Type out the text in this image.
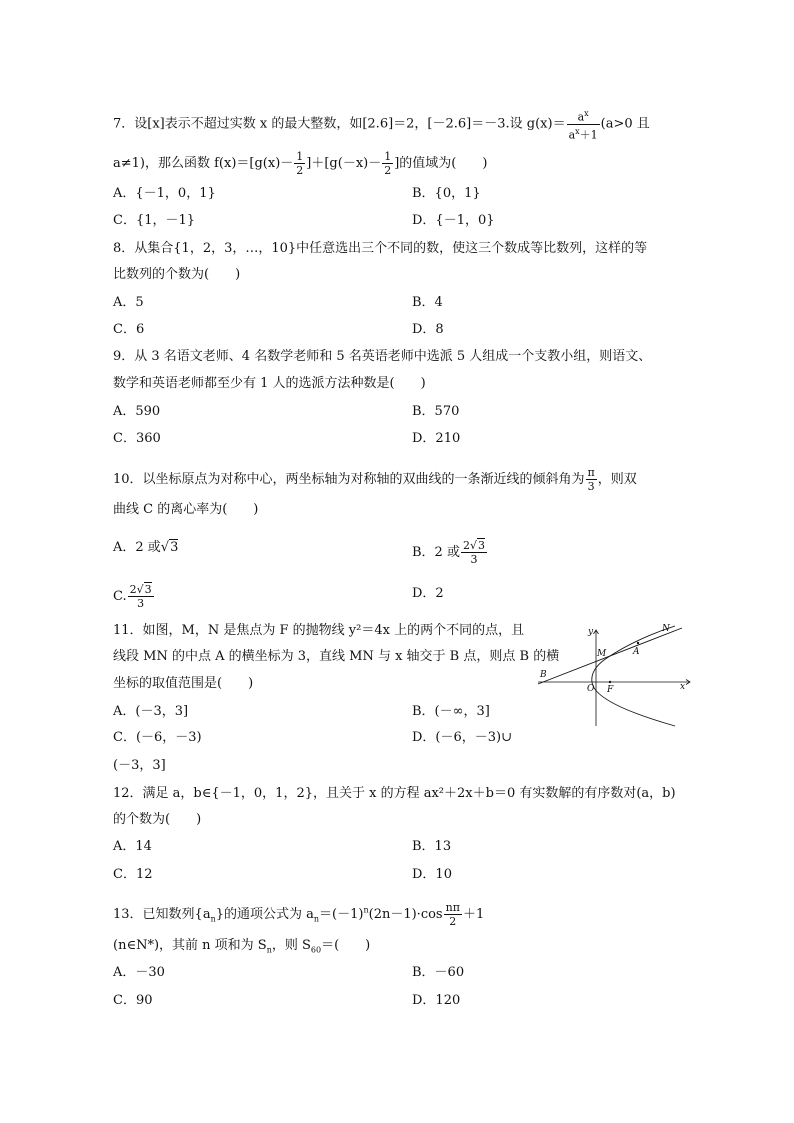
7．设[x]表示不超过实数 x 的最大整数，如[2.6]＝2，[－2.6]＝－3.设 $g(x)= \frac{a^x}{a^x+1} (a>0$ 且
a≠1)，那么函数 $f(x)=[g(x)- \frac{1}{2} ]+[g(-x)- \frac{1}{2}$ ]的值域为(　　)
A．{－1，0，1}	B．{0，1}
C．{1，－1}	D．{－1，0}
8．从集合{1，2，3，…，10}中任意选出三个不同的数，使这三个数成等比数列，这样的等
比数列的个数为(　　)
A．5	B．4
C．6	D．8
9．从 3 名语文老师、4 名数学老师和 5 名英语老师中选派 5 人组成一个支教小组，则语文、
数学和英语老师都至少有 1 人的选派方法种数是(　　)
A．590	B．570
C．360	D．210
10．以坐标原点为对称中心，两坐标轴为对称轴的双曲线的一条渐近线的倾斜角为 $\frac{\pi}{3}$ ，则双
曲线 C 的离心率为(　　)
A．2 或√3	B．2 或 $\frac{2√3}{3}$
C. $\frac{2√3}{3}$	D．2
11．如图，M，N 是焦点为 F 的抛物线 y²＝4x 上的两个不同的点，且
线段 MN 的中点 A 的横坐标为 3，直线 MN 与 x 轴交于 B 点，则点 B 的横
坐标的取值范围是(　　)
A．(－3，3]	B．(－∞，3]
C．(－6，－3)	D．(－6，－3)∪
(－3，3]
y
x
O F
M
N
A
B
12．满足 a，b∈{－1，0，1，2}，且关于 x 的方程 ax²＋2x＋b＝0 有实数解的有序数对(a，b)
的个数为(　　)
A．14	B．13
C．12	D．10
13．已知数列$\{a_n\}$的通项公式为 $a_n=(-1)^n(2n-1)\cdot\cos \frac{n\pi}{2} +1$
(n∈N*)，其前 n 项和为 $S_n$，则 $S_{60}=$(　　)
A．－30	B．－60
C．90	D．120
